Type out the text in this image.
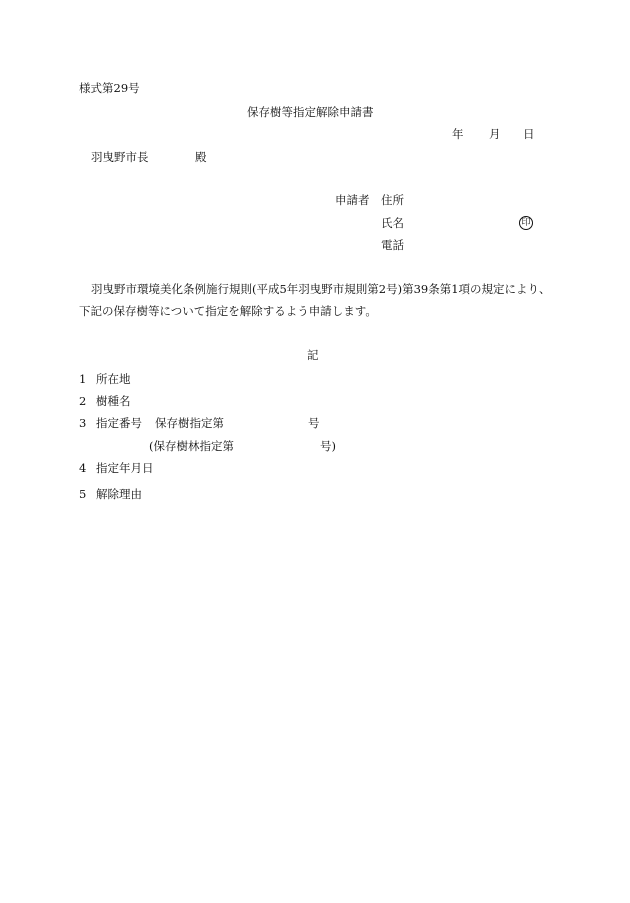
様式第29号
保存樹等指定解除申請書
年 月 日
羽曳野市長	殿
申請者 住所
氏名	印
電話
羽曳野市環境美化条例施行規則(平成5年羽曳野市規則第2号)第39条第1項の規定により、
下記の保存樹等について指定を解除するよう申請します。
記
1 所在地
2 樹種名
3 指定番号 保存樹指定第	号
(保存樹林指定第	号)
4 指定年月日
5 解除理由
